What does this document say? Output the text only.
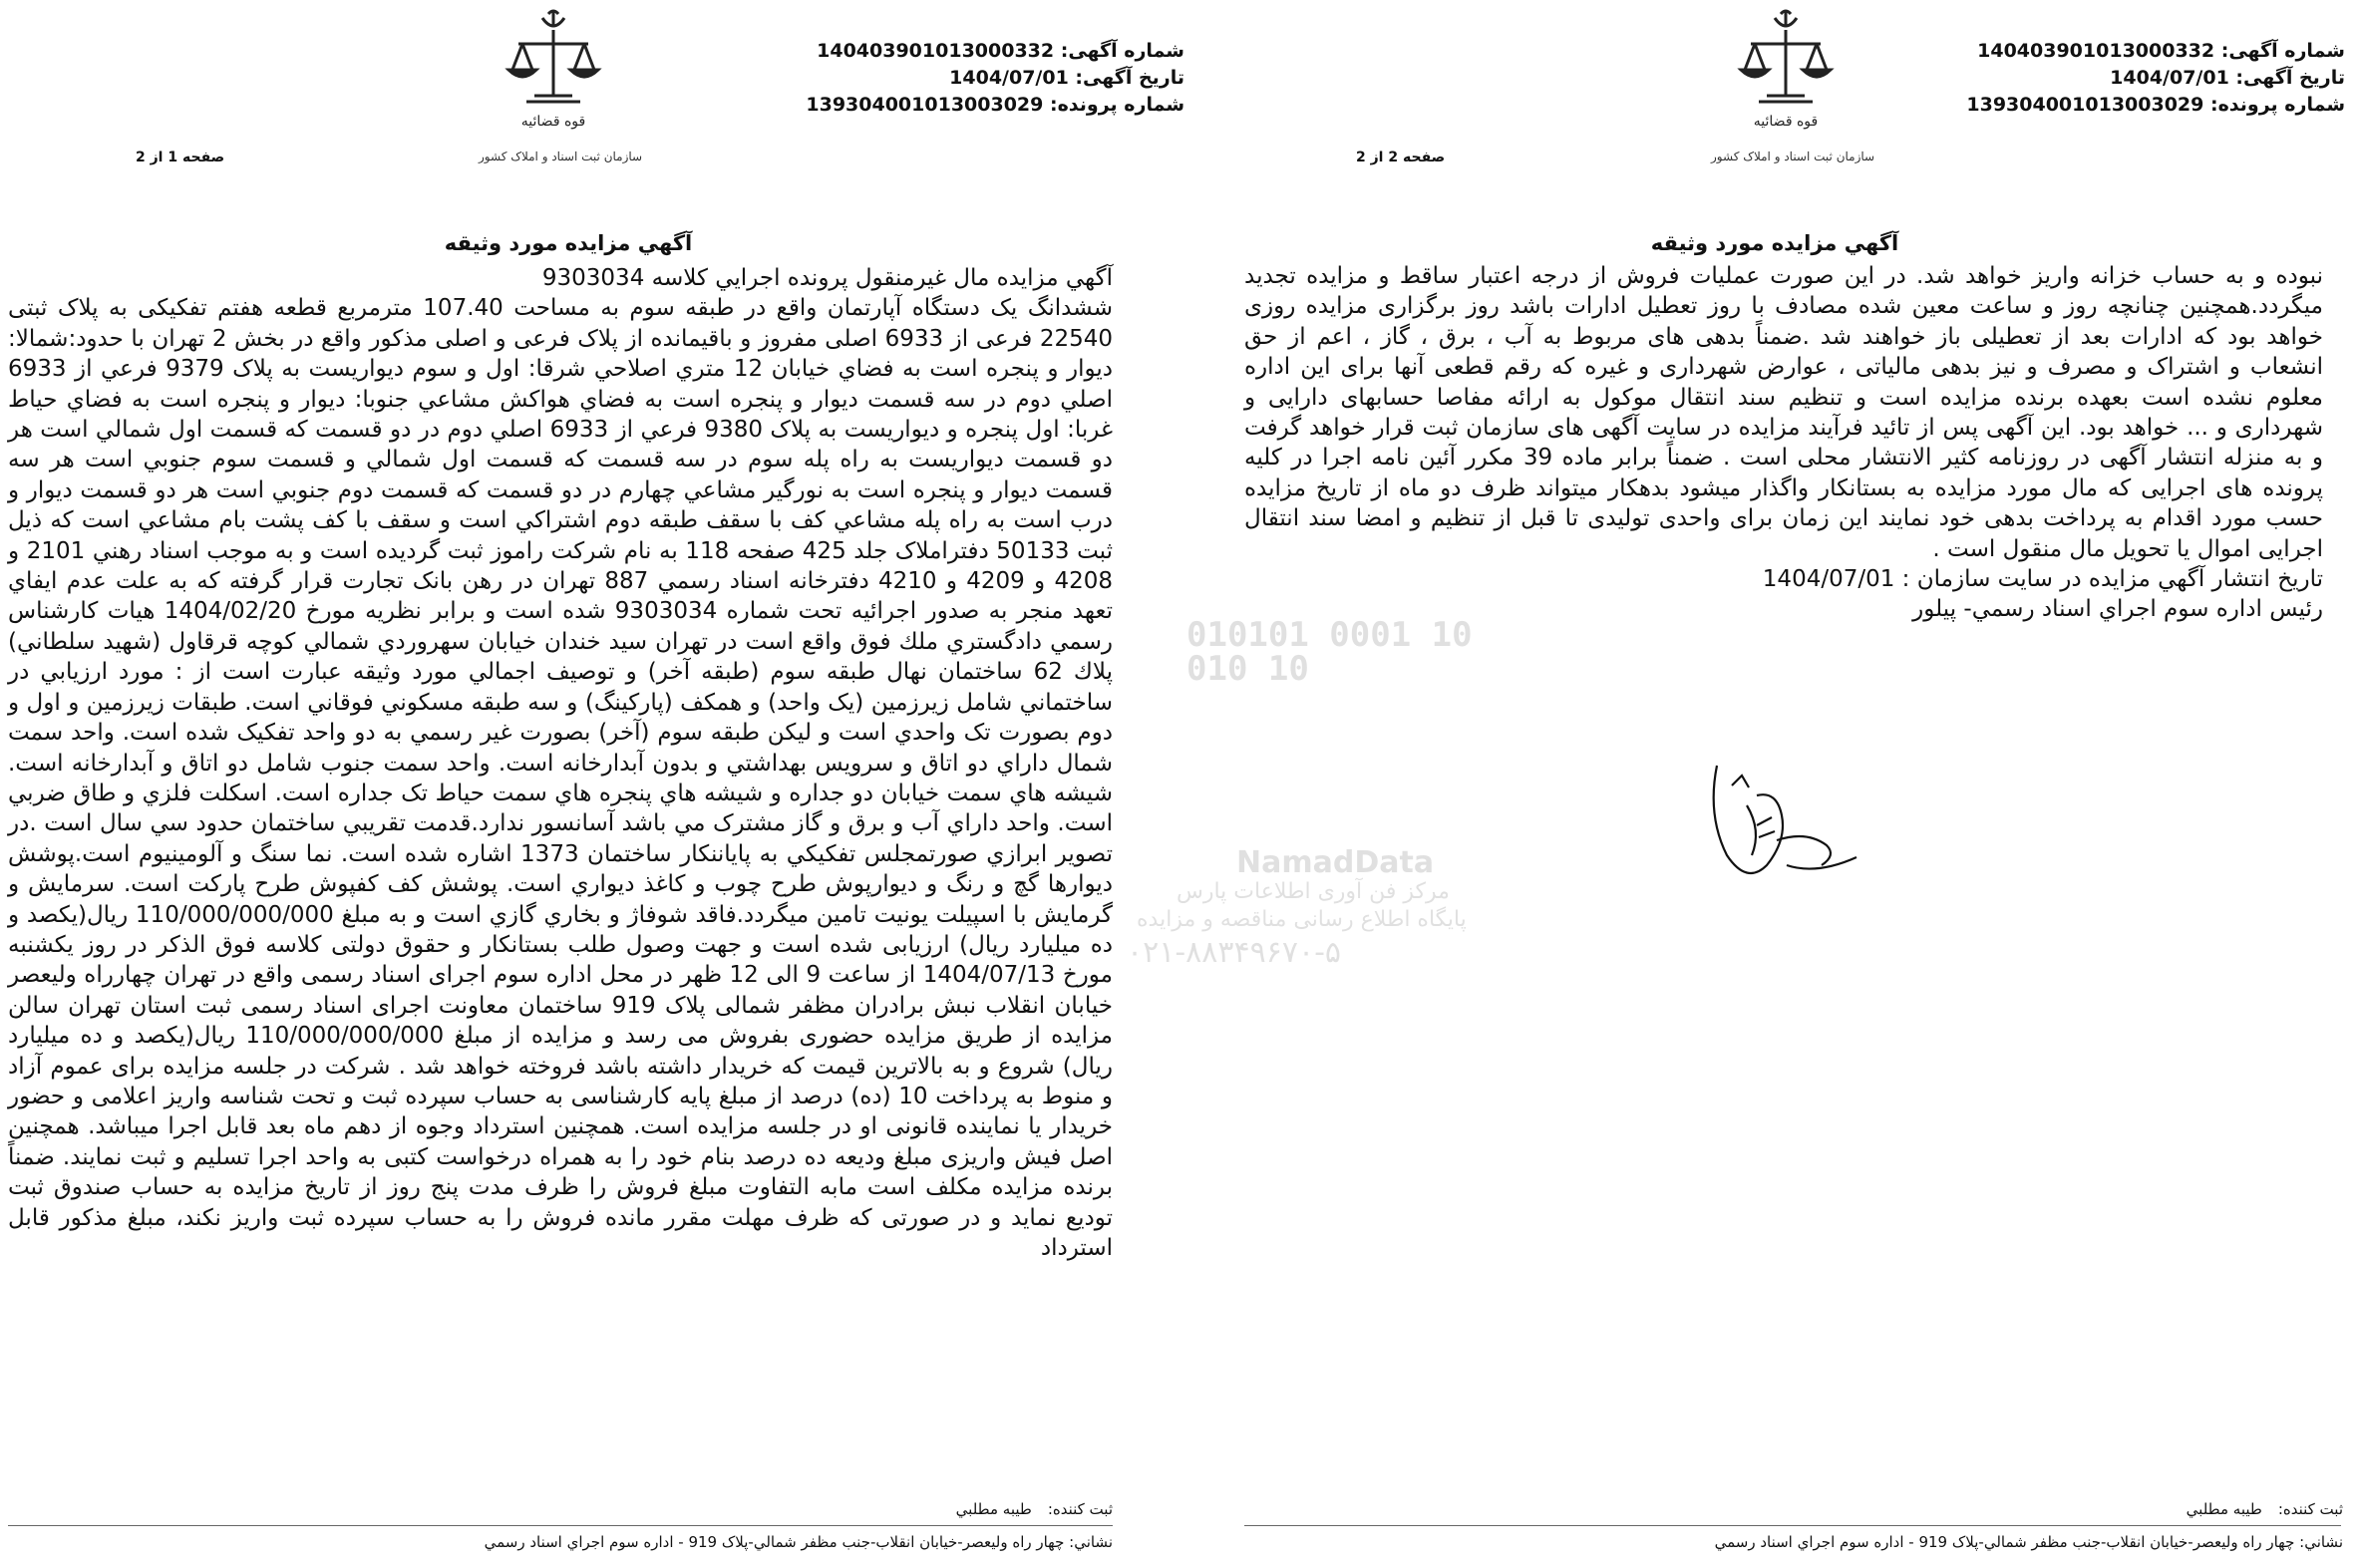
قوه قضائیه
سازمان ثبت اسناد و املاک کشور
شماره آگهی: 140403901013000332
تاریخ آگهی: 1404/07/01
شماره پرونده: 139304001013003029
صفحه 1 از 2
آگهي مزايده مورد وثيقه

آگهي مزايده مال غيرمنقول پرونده اجرايي كلاسه 9303034

ششدانگ یک دستگاه آپارتمان واقع در طبقه سوم به مساحت 107.40 مترمربع قطعه هفتم تفکیکی به پلاک ثبتی 22540 فرعی از 6933 اصلی مفروز و باقیمانده از پلاک فرعی و اصلی مذکور واقع در بخش 2 تهران با حدود:شمالا: ديوار و پنجره است به فضاي خيابان 12 متري اصلاحي شرقا: اول و سوم ديواريست به پلاک 9379 فرعي از 6933 اصلي دوم در سه قسمت ديوار و پنجره است به فضاي هواكش مشاعي جنوبا: ديوار و پنجره است به فضاي حياط غربا: اول پنجره و ديواريست به پلاک 9380 فرعي از 6933 اصلي دوم در دو قسمت كه قسمت اول شمالي است هر دو قسمت ديواريست به راه پله سوم در سه قسمت كه قسمت اول شمالي و قسمت سوم جنوبي است هر سه قسمت ديوار و پنجره است به نورگير مشاعي چهارم در دو قسمت كه قسمت دوم جنوبي است هر دو قسمت ديوار و درب است به راه پله مشاعي كف با سقف طبقه دوم اشتراكي است و سقف با كف پشت بام مشاعي است که ذیل ثبت 50133 دفتراملاک جلد 425 صفحه 118 به نام شرکت راموز ثبت گردیده است و به موجب اسناد رهني 2101 و 4208 و 4209 و 4210 دفترخانه اسناد رسمي 887 تهران در رهن بانک تجارت قرار گرفته که به علت عدم ايفاي تعهد منجر به صدور اجرائيه تحت شماره 9303034 شده است و برابر نظريه مورخ 1404/02/20 هيات كارشناس رسمي دادگستري ملك فوق واقع است در تهران سيد خندان خيابان سهروردي شمالي كوچه قرقاول (شهيد سلطاني) پلاك 62 ساختمان نهال طبقه سوم (طبقه آخر) و توصيف اجمالي مورد وثيقه عبارت است از : مورد ارزيابي در ساختماني شامل زيرزمين (يک واحد) و همكف (پاركينگ) و سه طبقه مسكوني فوقاني است. طبقات زيرزمين و اول و دوم بصورت تک واحدي است و ليكن طبقه سوم (آخر) بصورت غير رسمي به دو واحد تفكيک شده است. واحد سمت شمال داراي دو اتاق و سرويس بهداشتي و بدون آبدارخانه است. واحد سمت جنوب شامل دو اتاق و آبدارخانه است. شيشه هاي سمت خيابان دو جداره و شيشه هاي پنجره هاي سمت حياط تک جداره است. اسكلت فلزي و طاق ضربي است. واحد داراي آب و برق و گاز مشترک مي باشد آسانسور ندارد.قدمت تقريبي ساختمان حدود سي سال است .در تصوير ابرازي صورتمجلس تفكيكي به پاياننكار ساختمان 1373 اشاره شده است. نما سنگ و آلومينيوم است.پوشش ديوارها گچ و رنگ و ديوارپوش طرح چوب و كاغذ ديواري است. پوشش كف كفپوش طرح پاركت است. سرمايش و گرمايش با اسپيلت يونيت تامين ميگردد.فاقد شوفاژ و بخاري گازي است و به مبلغ 110/000/000/000 ريال(يكصد و ده ميليارد ريال) ارزيابی شده است و جهت وصول طلب بستانکار و حقوق دولتی کلاسه فوق الذکر در روز يکشنبه مورخ 1404/07/13 از ساعت 9 الی 12 ظهر در محل اداره سوم اجرای اسناد رسمی واقع در تهران چهارراه وليعصر خيابان انقلاب نبش برادران مظفر شمالی پلاک 919 ساختمان معاونت اجرای اسناد رسمی ثبت استان تهران سالن مزايده از طريق مزايده حضوری بفروش می رسد و مزايده از مبلغ 110/000/000/000 ريال(يكصد و ده ميليارد ريال) شروع و به بالاترين قيمت که خريدار داشته باشد فروخته خواهد شد . شرکت در جلسه مزايده برای عموم آزاد و منوط به پرداخت 10 (ده) درصد از مبلغ پايه کارشناسی به حساب سپرده ثبت و تحت شناسه واريز اعلامی و حضور خريدار يا نماينده قانونی او در جلسه مزايده است. همچنين استرداد وجوه از دهم ماه بعد قابل اجرا ميباشد. همچنين اصل فيش واريزی مبلغ وديعه ده درصد بنام خود را به همراه درخواست کتبی به واحد اجرا تسليم و ثبت نمايند. ضمناً برنده مزايده مکلف است مابه التفاوت مبلغ فروش را ظرف مدت پنج روز از تاريخ مزايده به حساب صندوق ثبت توديع نمايد و در صورتی که ظرف مهلت مقرر مانده فروش را به حساب سپرده ثبت واريز نکند، مبلغ مذکور قابل استرداد

ثبت کننده:طيبه مطلبي
نشاني: چهار راه وليعصر-خيابان انقلاب-جنب مظفر شمالي-پلاک 919 - اداره سوم اجراي اسناد رسمي
قوه قضائیه
سازمان ثبت اسناد و املاک کشور
شماره آگهی: 140403901013000332
تاریخ آگهی: 1404/07/01
شماره پرونده: 139304001013003029
صفحه 2 از 2
آگهي مزايده مورد وثيقه

نبوده و به حساب خزانه واريز خواهد شد. در اين صورت عمليات فروش از درجه اعتبار ساقط و مزايده تجديد ميگردد.همچنين چنانچه روز و ساعت معين شده مصادف با روز تعطيل ادارات باشد روز برگزاری مزايده روزی خواهد بود که ادارات بعد از تعطيلی باز خواهند شد .ضمناً بدهی های مربوط به آب ، برق ، گاز ، اعم از حق انشعاب و اشتراک و مصرف و نيز بدهی مالياتی ، عوارض شهرداری و غيره که رقم قطعی آنها برای اين اداره معلوم نشده است بعهده برنده مزايده است و تنظيم سند انتقال موکول به ارائه مفاصا حسابهای دارايی و شهرداری و ... خواهد بود. اين آگهی پس از تائيد فرآيند مزايده در سايت آگهی های سازمان ثبت قرار خواهد گرفت و به منزله انتشار آگهی در روزنامه کثير الانتشار محلی است . ضمناً برابر ماده 39 مکرر آئين نامه اجرا در کليه پرونده های اجرايی که مال مورد مزايده به بستانکار واگذار ميشود بدهکار ميتواند ظرف دو ماه از تاريخ مزايده حسب مورد اقدام به پرداخت بدهی خود نمايند اين زمان برای واحدی توليدی تا قبل از تنظيم و امضا سند انتقال اجرايی اموال يا تحويل مال منقول است .

تاريخ انتشار آگهي مزايده در سايت سازمان : 1404/07/01

رئيس اداره سوم اجراي اسناد رسمي- پيلور

ثبت کننده:طيبه مطلبي
نشاني: چهار راه وليعصر-خيابان انقلاب-جنب مظفر شمالي-پلاک 919 - اداره سوم اجراي اسناد رسمي
010101 0001 10 010 10
NamadData
مرکز فن آوری اطلاعات پارس
پایگاه اطلاع رسانی مناقصه و مزایده
۰۲۱-۸۸۳۴۹۶۷۰-۵
